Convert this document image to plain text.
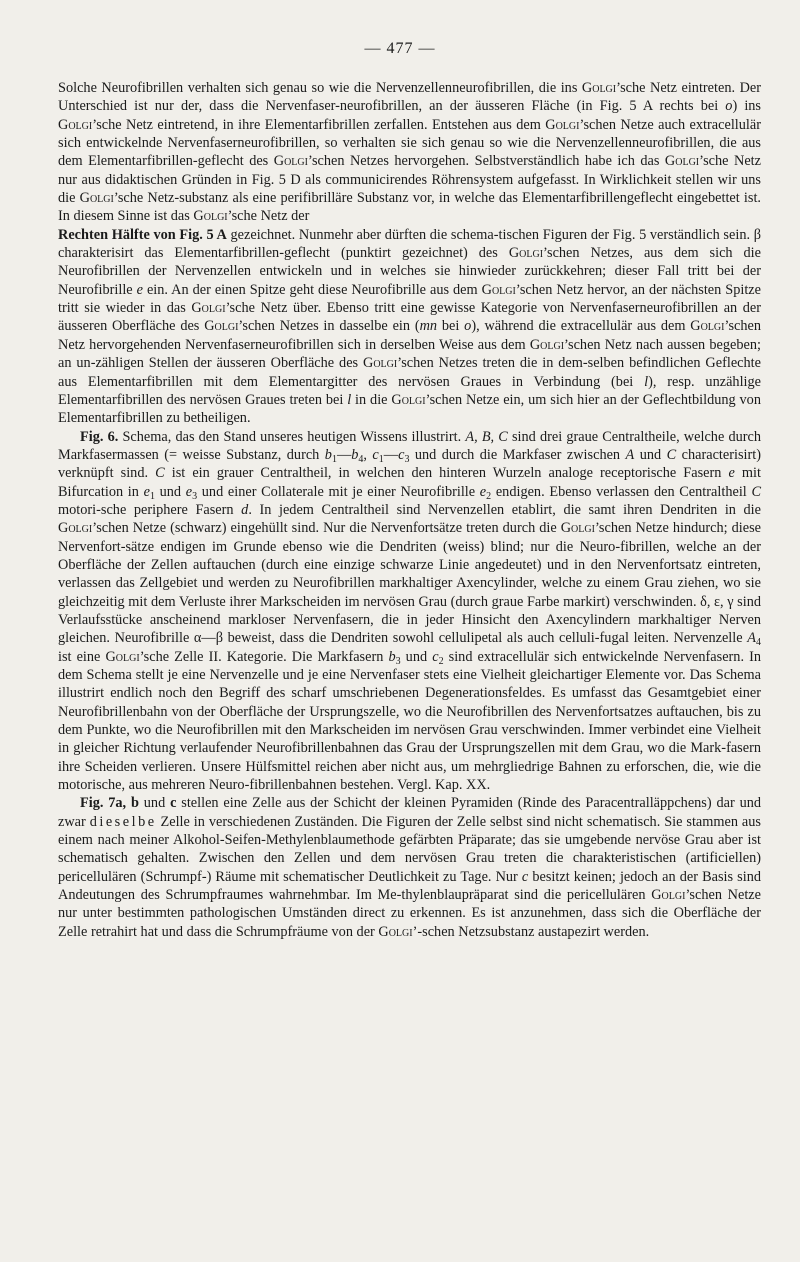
— 477 —

Solche Neurofibrillen verhalten sich genau so wie die Nervenzellenneurofibrillen, die ins Golgi’sche Netz eintreten. Der Unterschied ist nur der, dass die Nervenfaser-neurofibrillen, an der äusseren Fläche (in Fig. 5 A rechts bei o) ins Golgi’sche Netz eintretend, in ihre Elementarfibrillen zerfallen. Entstehen aus dem Golgi’schen Netze auch extracellulär sich entwickelnde Nervenfaserneurofibrillen, so verhalten sie sich genau so wie die Nervenzellenneurofibrillen, die aus dem Elementarfibrillen-geflecht des Golgi’schen Netzes hervorgehen. Selbstverständlich habe ich das Golgi’sche Netz nur aus didaktischen Gründen in Fig. 5 D als communicirendes Röhrensystem aufgefasst. In Wirklichkeit stellen wir uns die Golgi’sche Netz-substanz als eine perifibrilläre Substanz vor, in welche das Elementarfibrillengeflecht eingebettet ist. In diesem Sinne ist das Golgi’sche Netz der
Rechten Hälfte von Fig. 5 A gezeichnet. Nunmehr aber dürften die schema-tischen Figuren der Fig. 5 verständlich sein. β charakterisirt das Elementarfibrillen-geflecht (punktirt gezeichnet) des Golgi’schen Netzes, aus dem sich die Neurofibrillen der Nervenzellen entwickeln und in welches sie hinwieder zurückkehren; dieser Fall tritt bei der Neurofibrille e ein. An der einen Spitze geht diese Neurofibrille aus dem Golgi’schen Netz hervor, an der nächsten Spitze tritt sie wieder in das Golgi’sche Netz über. Ebenso tritt eine gewisse Kategorie von Nervenfaserneurofibrillen an der äusseren Oberfläche des Golgi’schen Netzes in dasselbe ein (mn bei o), während die extracellulär aus dem Golgi’schen Netz hervorgehenden Nervenfaserneurofibrillen sich in derselben Weise aus dem Golgi’schen Netz nach aussen begeben; an un-zähligen Stellen der äusseren Oberfläche des Golgi’schen Netzes treten die in dem-selben befindlichen Geflechte aus Elementarfibrillen mit dem Elementargitter des nervösen Graues in Verbindung (bei l), resp. unzählige Elementarfibrillen des nervösen Graues treten bei l in die Golgi’schen Netze ein, um sich hier an der Geflechtbildung von Elementarfibrillen zu betheiligen.

Fig. 6. Schema, das den Stand unseres heutigen Wissens illustrirt. A, B, C sind drei graue Centraltheile, welche durch Markfasermassen (= weisse Substanz, durch $b_1—b_4$, $c_1—c_3$ und durch die Markfaser zwischen A und C characterisirt) verknüpft sind. C ist ein grauer Centraltheil, in welchen den hinteren Wurzeln analoge receptorische Fasern e mit Bifurcation in $e_1$ und $e_3$ und einer Collaterale mit je einer Neurofibrille $e_2$ endigen. Ebenso verlassen den Centraltheil C motori-sche periphere Fasern d. In jedem Centraltheil sind Nervenzellen etablirt, die samt ihren Dendriten in die Golgi’schen Netze (schwarz) eingehüllt sind. Nur die Nervenfortsätze treten durch die Golgi’schen Netze hindurch; diese Nervenfort-sätze endigen im Grunde ebenso wie die Dendriten (weiss) blind; nur die Neuro-fibrillen, welche an der Oberfläche der Zellen auftauchen (durch eine einzige schwarze Linie angedeutet) und in den Nervenfortsatz eintreten, verlassen das Zellgebiet und werden zu Neurofibrillen markhaltiger Axencylinder, welche zu einem Grau ziehen, wo sie gleichzeitig mit dem Verluste ihrer Markscheiden im nervösen Grau (durch graue Farbe markirt) verschwinden. δ, ε, γ sind Verlaufsstücke anscheinend markloser Nervenfasern, die in jeder Hinsicht den Axencylindern markhaltiger Nerven gleichen. Neurofibrille α—β beweist, dass die Dendriten sowohl cellulipetal als auch celluli-fugal leiten. Nervenzelle $A_4$ ist eine Golgi’sche Zelle II. Kategorie. Die Markfasern $b_3$ und $c_2$ sind extracellulär sich entwickelnde Nervenfasern. In dem Schema stellt je eine Nervenzelle und je eine Nervenfaser stets eine Vielheit gleichartiger Elemente vor. Das Schema illustrirt endlich noch den Begriff des scharf umschriebenen Degenerationsfeldes. Es umfasst das Gesamtgebiet einer Neurofibrillenbahn von der Oberfläche der Ursprungszelle, wo die Neurofibrillen des Nervenfortsatzes auftauchen, bis zu dem Punkte, wo die Neurofibrillen mit den Markscheiden im nervösen Grau verschwinden. Immer verbindet eine Vielheit in gleicher Richtung verlaufender Neurofibrillenbahnen das Grau der Ursprungszellen mit dem Grau, wo die Mark-fasern ihre Scheiden verlieren. Unsere Hülfsmittel reichen aber nicht aus, um mehrgliedrige Bahnen zu erforschen, die, wie die motorische, aus mehreren Neuro-fibrillenbahnen bestehen. Vergl. Kap. XX.

Fig. 7a, b und c stellen eine Zelle aus der Schicht der kleinen Pyramiden (Rinde des Paracentralläppchens) dar und zwar dieselbe Zelle in verschiedenen Zuständen. Die Figuren der Zelle selbst sind nicht schematisch. Sie stammen aus einem nach meiner Alkohol-Seifen-Methylenblaumethode gefärbten Präparate; das sie umgebende nervöse Grau aber ist schematisch gehalten. Zwischen den Zellen und dem nervösen Grau treten die charakteristischen (artificiellen) pericellulären (Schrumpf-) Räume mit schematischer Deutlichkeit zu Tage. Nur c besitzt keinen; jedoch an der Basis sind Andeutungen des Schrumpfraumes wahrnehmbar. Im Me-thylenblaupräparat sind die pericellulären Golgi’schen Netze nur unter bestimmten pathologischen Umständen direct zu erkennen. Es ist anzunehmen, dass sich die Oberfläche der Zelle retrahirt hat und dass die Schrumpfräume von der Golgi’-schen Netzsubstanz austapezirt werden.
